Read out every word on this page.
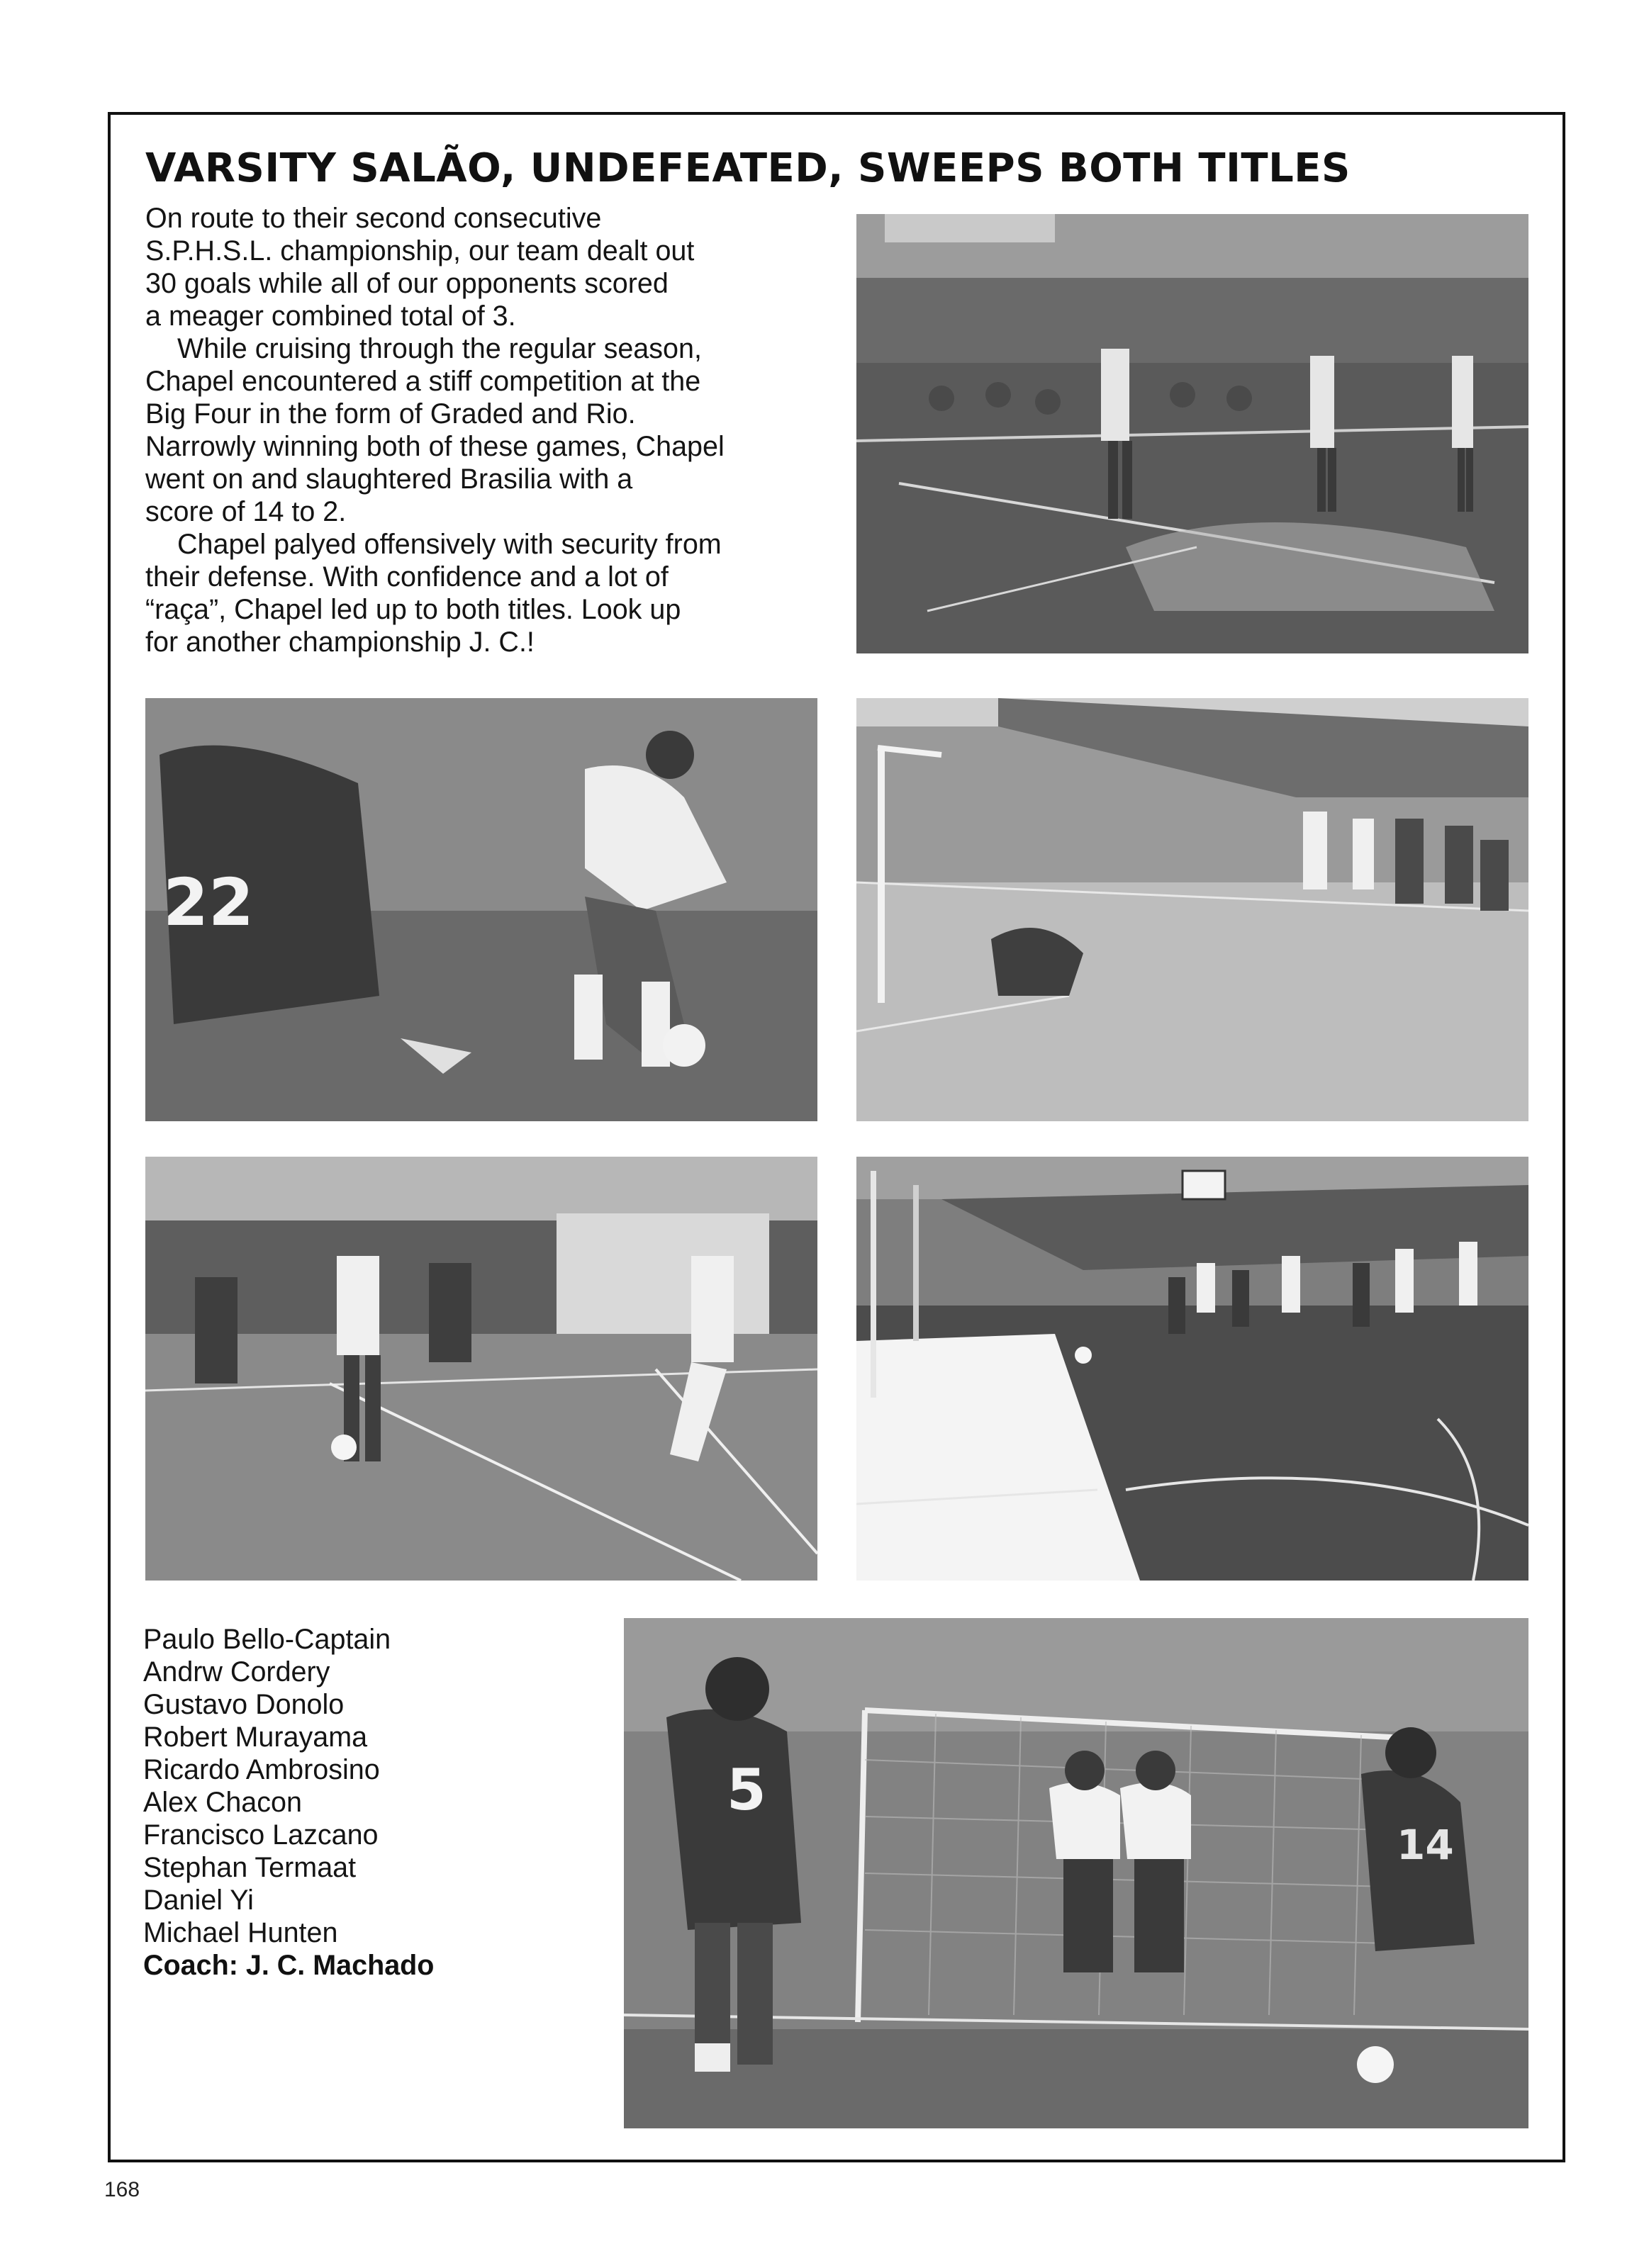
VARSITY SALÃO, UNDEFEATED, SWEEPS BOTH TITLES

On route to their second consecutive

S.P.H.S.L. championship, our team dealt out

30 goals while all of our opponents scored

a meager combined total of 3.

While cruising through the regular season,

Chapel encountered a stiff competition at the

Big Four in the form of Graded and Rio.

Narrowly winning both of these games, Chapel

went on and slaughtered Brasilia with a

score of 14 to 2.

Chapel palyed offensively with security from

their defense. With confidence and a lot of

“raça”, Chapel led up to both titles. Look up

for another championship J. C.!

22
Paulo Bello-Captain
Andrw Cordery
Gustavo Donolo
Robert Murayama
Ricardo Ambrosino
Alex Chacon
Francisco Lazcano
Stephan Termaat
Daniel Yi
Michael Hunten
Coach: J. C. Machado
5
14
168
